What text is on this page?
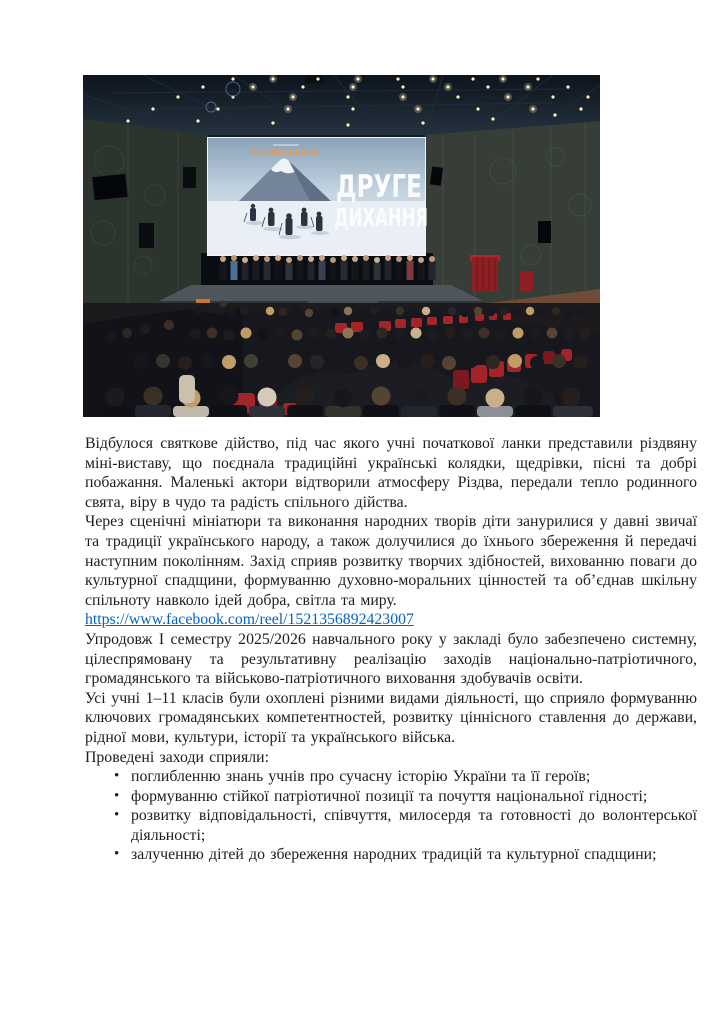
З 9 ЖОВТНЯ У КІНО
ДРУГЕ
ДИХАННЯ

Відбулося святкове дійство, під час якого учні початкової ланки представили різдвяну міні-виставу, що поєднала традиційні українські колядки, щедрівки, пісні та добрі побажання. Маленькі актори відтворили атмосферу Різдва, передали тепло родинного свята, віру в чудо та радість спільного дійства.

Через сценічні мініатюри та виконання народних творів діти занурилися у давні звичаї та традиції українського народу, а також долучилися до їхнього збереження й передачі наступним поколінням. Захід сприяв розвитку творчих здібностей, вихованню поваги до культурної спадщини, формуванню духовно-моральних цінностей та об’єднав шкільну спільноту навколо ідей добра, світла та миру.

https://www.facebook.com/reel/1521356892423007

Упродовж І семестру 2025/2026 навчального року у закладі було забезпечено системну, цілеспрямовану та результативну реалізацію заходів національно-патріотичного, громадянського та військово-патріотичного виховання здобувачів освіти.

Усі учні 1–11 класів були охоплені різними видами діяльності, що сприяло формуванню ключових громадянських компетентностей, розвитку ціннісного ставлення до держави, рідної мови, культури, історії та українського війська.

Проведені заходи сприяли:

• поглибленню знань учнів про сучасну історію України та її героїв;
• формуванню стійкої патріотичної позиції та почуття національної гідності;
• розвитку відповідальності, співчуття, милосердя та готовності до волонтерської діяльності;
• залученню дітей до збереження народних традицій та культурної спадщини;
